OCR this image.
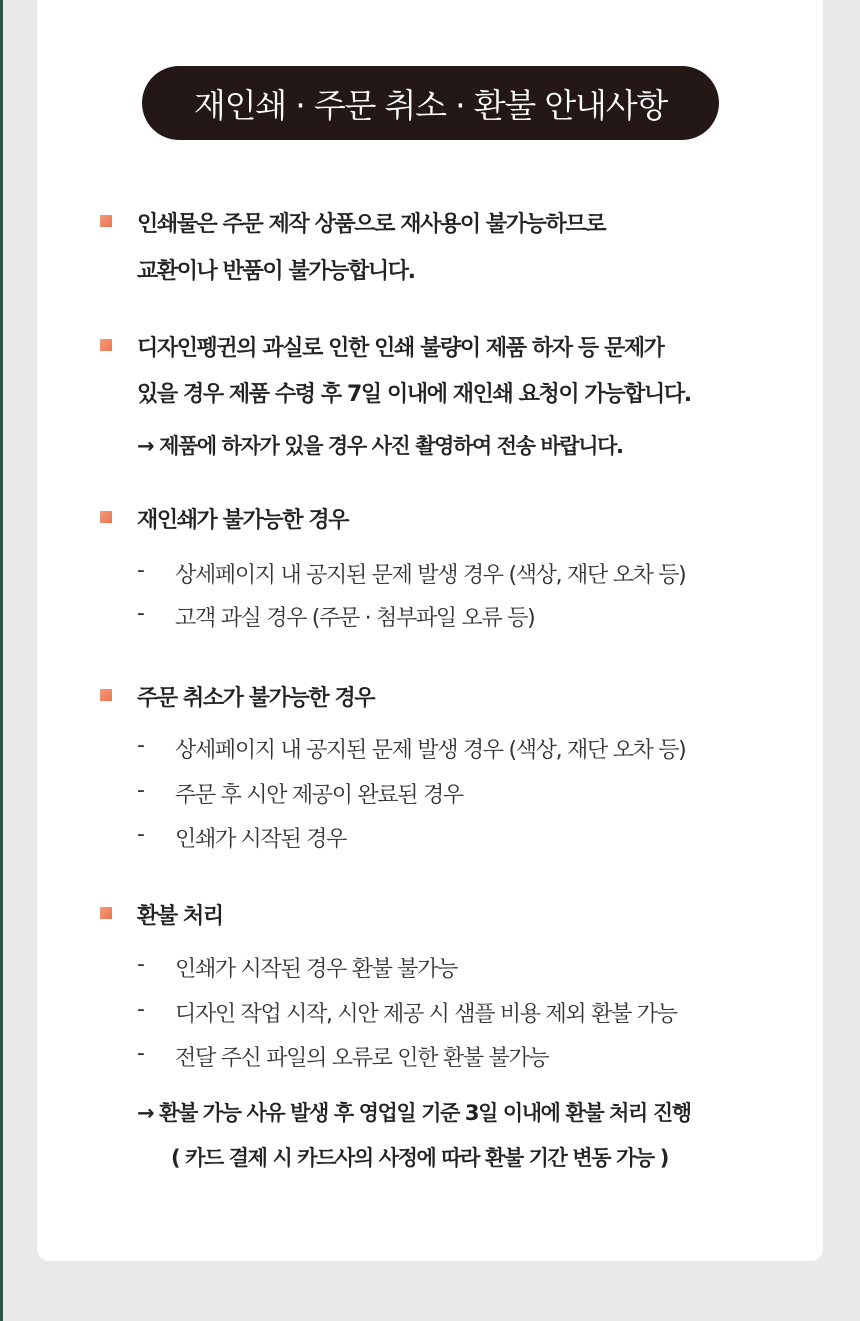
재인쇄 · 주문 취소 · 환불 안내사항
인쇄물은 주문 제작 상품으로 재사용이 불가능하므로
교환이나 반품이 불가능합니다.
디자인펭귄의 과실로 인한 인쇄 불량이 제품 하자 등 문제가
있을 경우 제품 수령 후 7일 이내에 재인쇄 요청이 가능합니다.
→ 제품에 하자가 있을 경우 사진 촬영하여 전송 바랍니다.
재인쇄가 불가능한 경우
- 상세페이지 내 공지된 문제 발생 경우 (색상, 재단 오차 등)
- 고객 과실 경우 (주문 · 첨부파일 오류 등)
주문 취소가 불가능한 경우
- 상세페이지 내 공지된 문제 발생 경우 (색상, 재단 오차 등)
- 주문 후 시안 제공이 완료된 경우
- 인쇄가 시작된 경우
환불 처리
- 인쇄가 시작된 경우 환불 불가능
- 디자인 작업 시작, 시안 제공 시 샘플 비용 제외 환불 가능
- 전달 주신 파일의 오류로 인한 환불 불가능
→ 환불 가능 사유 발생 후 영업일 기준 3일 이내에 환불 처리 진행
( 카드 결제 시 카드사의 사정에 따라 환불 기간 변동 가능 )
